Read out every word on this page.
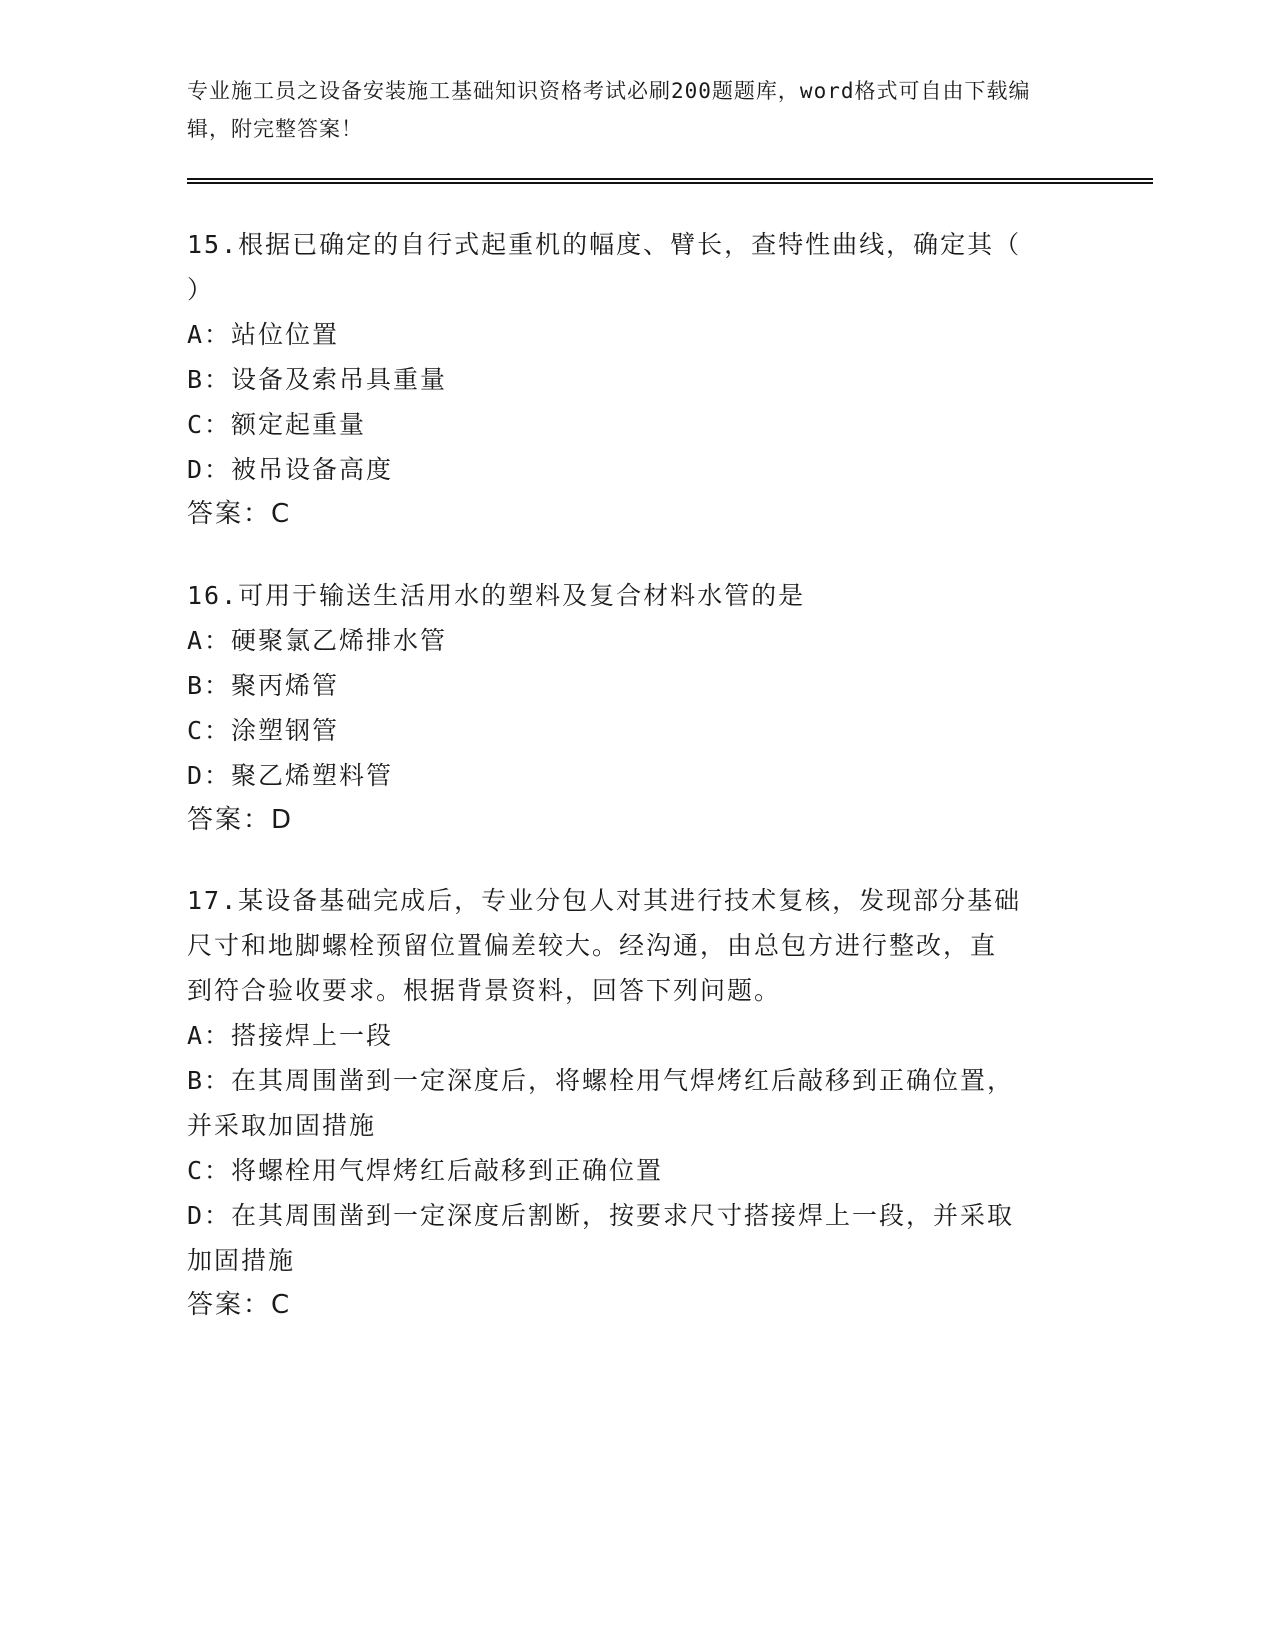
专业施工员之设备安装施工基础知识资格考试必刷200题题库，word格式可自由下载编辑，附完整答案！
15.根据已确定的自行式起重机的幅度、臂长，查特性曲线，确定其（
）
A：站位位置
B：设备及索吊具重量
C：额定起重量
D：被吊设备高度
答案：C
16.可用于输送生活用水的塑料及复合材料水管的是
A：硬聚氯乙烯排水管
B：聚丙烯管
C：涂塑钢管
D：聚乙烯塑料管
答案：D
17.某设备基础完成后，专业分包人对其进行技术复核，发现部分基础
尺寸和地脚螺栓预留位置偏差较大。经沟通，由总包方进行整改，直
到符合验收要求。根据背景资料，回答下列问题。
A：搭接焊上一段
B：在其周围凿到一定深度后，将螺栓用气焊烤红后敲移到正确位置，
并采取加固措施
C：将螺栓用气焊烤红后敲移到正确位置
D：在其周围凿到一定深度后割断，按要求尺寸搭接焊上一段，并采取
加固措施
答案：C
